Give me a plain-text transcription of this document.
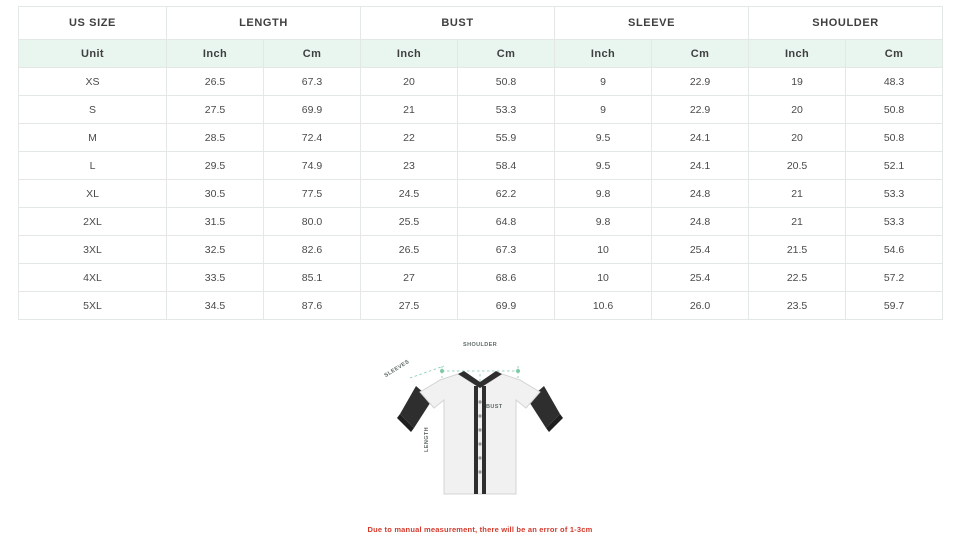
US SIZE	LENGTH		BUST		SLEEVE		SHOULDER	
Unit	Inch	Cm	Inch	Cm	Inch	Cm	Inch	Cm
XS	26.5	67.3	20	50.8	9	22.9	19	48.3
S	27.5	69.9	21	53.3	9	22.9	20	50.8
M	28.5	72.4	22	55.9	9.5	24.1	20	50.8
L	29.5	74.9	23	58.4	9.5	24.1	20.5	52.1
XL	30.5	77.5	24.5	62.2	9.8	24.8	21	53.3
2XL	31.5	80.0	25.5	64.8	9.8	24.8	21	53.3
3XL	32.5	82.6	26.5	67.3	10	25.4	21.5	54.6
4XL	33.5	85.1	27	68.6	10	25.4	22.5	57.2
5XL	34.5	87.6	27.5	69.9	10.6	26.0	23.5	59.7
SHOULDER
SLEEVES
BUST
LENGTH
Due to manual measurement, there will be an error of 1-3cm
